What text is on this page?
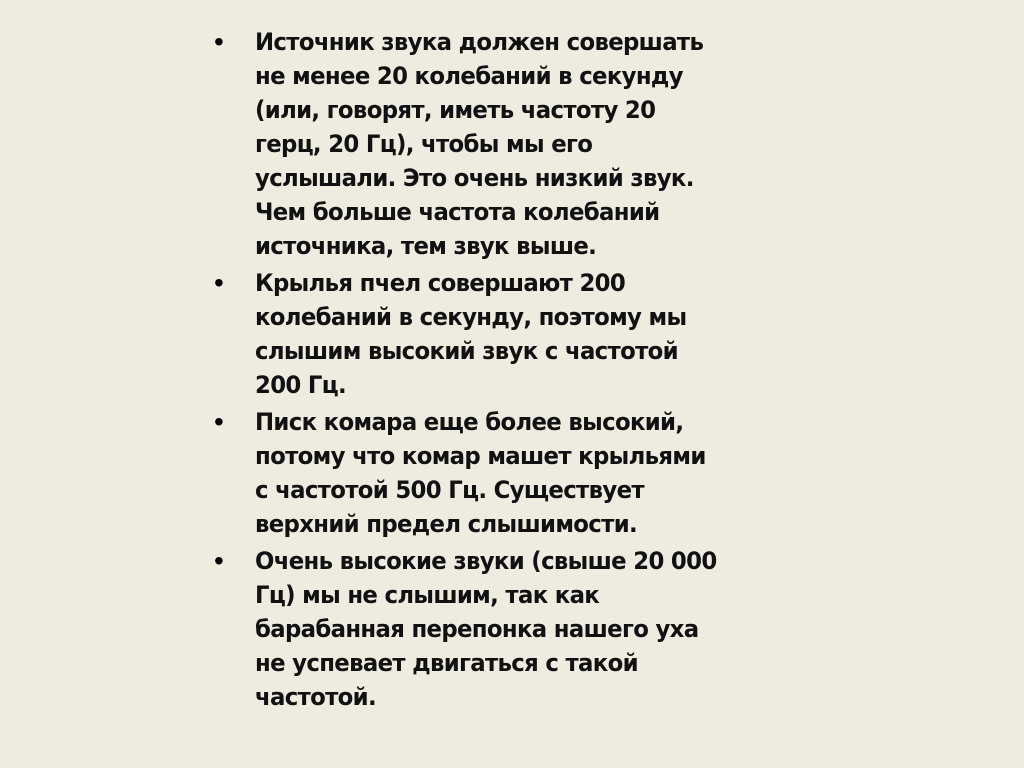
• Источник звука должен совершать
не менее 20 колебаний в секунду
(или, говорят, иметь частоту 20
герц, 20 Гц), чтобы мы его
услышали. Это очень низкий звук.
Чем больше частота колебаний
источника, тем звук выше.
• Крылья пчел совершают 200
колебаний в секунду, поэтому мы
слышим высокий звук с частотой
200 Гц.
• Писк комара еще более высокий,
потому что комар машет крыльями
с частотой 500 Гц. Существует
верхний предел слышимости.
• Очень высокие звуки (свыше 20 000
Гц) мы не слышим, так как
барабанная перепонка нашего уха
не успевает двигаться с такой
частотой.
